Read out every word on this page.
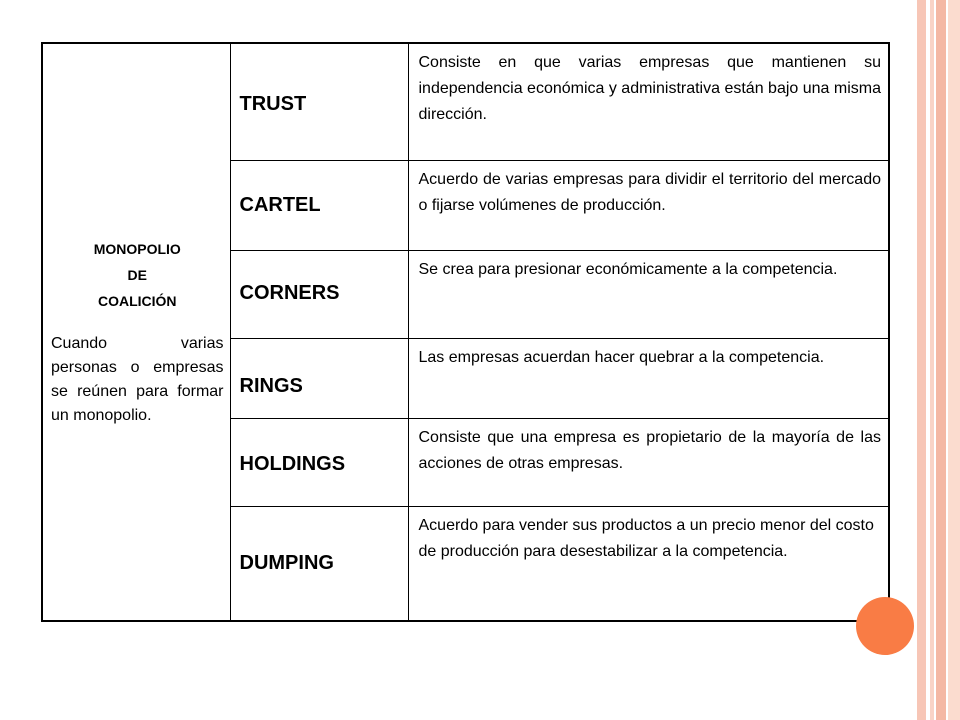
MONOPOLIO
DE
COALICIÓN
Cuando varias personas o empresas se reúnen para formar un monopolio.	TRUST	Consiste en que varias empresas que mantienen su independencia económica y administrativa están bajo una misma dirección.

	CARTEL	Acuerdo de varias empresas para dividir el territorio del mercado o fijarse volúmenes de producción.

	CORNERS	Se crea para presionar económicamente a la competencia.

	RINGS	Las empresas acuerdan hacer quebrar a la competencia.

	HOLDINGS	Consiste que una empresa es propietario de la mayoría de las acciones de otras empresas.

	DUMPING	Acuerdo para vender sus productos a un precio menor del costo de producción para desestabilizar a la competencia.
